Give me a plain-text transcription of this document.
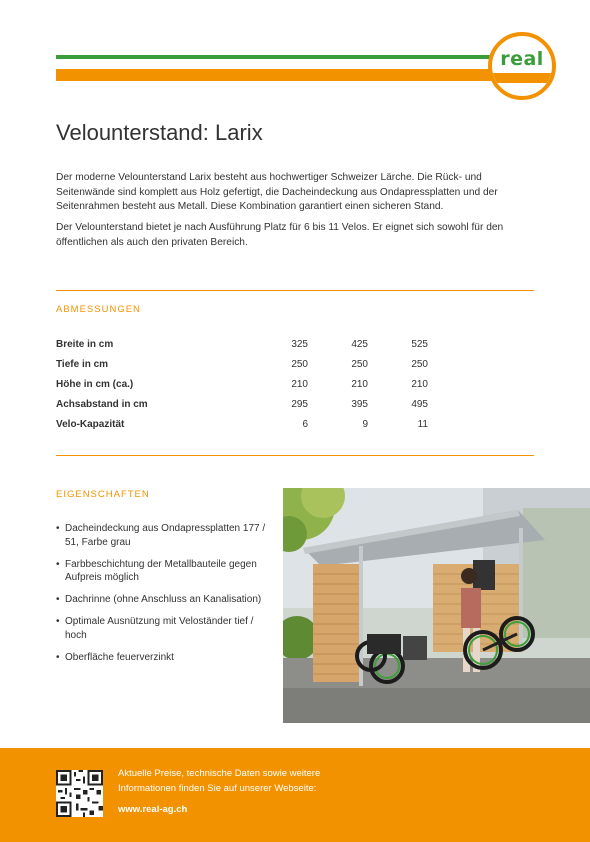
real
Velounterstand: Larix

Der moderne Velounterstand Larix besteht aus hochwertiger Schweizer Lärche. Die Rück- und Seitenwände sind komplett aus Holz gefertigt, die Dacheindeckung aus Ondapressplatten und der Seitenrahmen besteht aus Metall. Diese Kombination garantiert einen sicheren Stand.

Der Velounterstand bietet je nach Ausführung Platz für 6 bis 11 Velos. Er eignet sich sowohl für den öffentlichen als auch den privaten Bereich.

ABMESSUNGEN
Breite in cm	325	425	525
Tiefe in cm	250	250	250
Höhe in cm (ca.)	210	210	210
Achsabstand in cm	295	395	495
Velo-Kapazität	6	9	11
EIGENSCHAFTEN
• Dacheindeckung aus Ondapressplatten 177 / 51, Farbe grau
• Farbbeschichtung der Metallbauteile gegen Aufpreis möglich
• Dachrinne (ohne Anschluss an Kanalisation)
• Optimale Ausnützung mit Veloständer tief / hoch
• Oberfläche feuerverzinkt

Aktuelle Preise, technische Daten sowie weitere
Informationen finden Sie auf unserer Webseite:

www.real-ag.ch
